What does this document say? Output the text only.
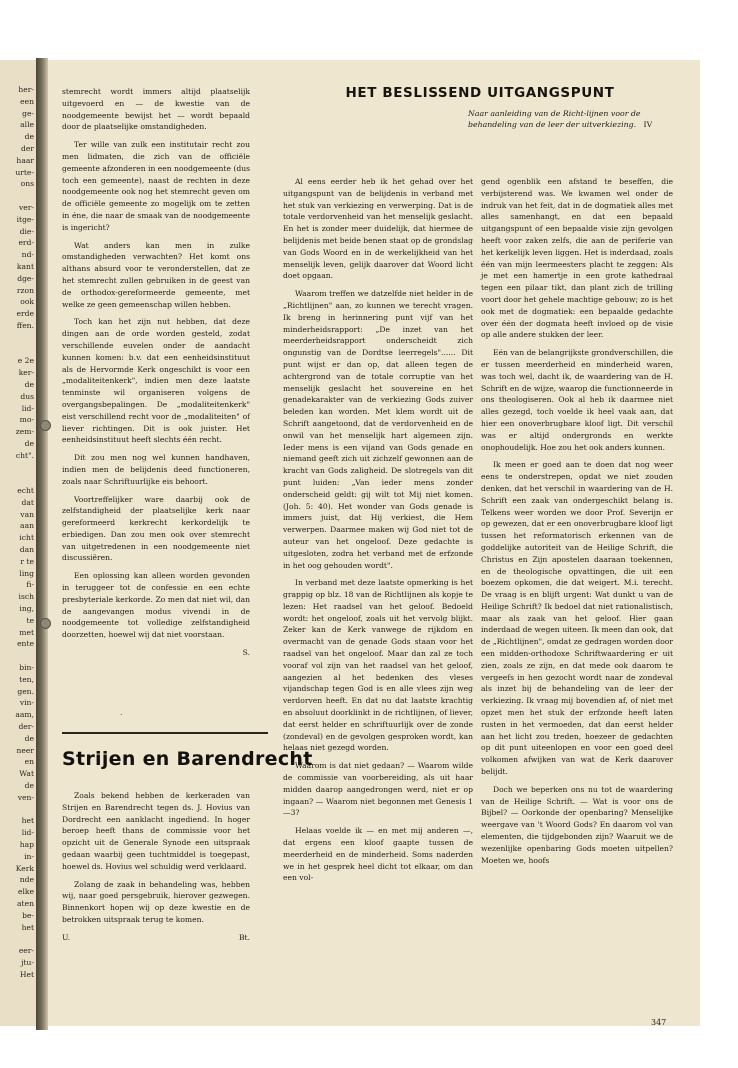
her-
een
ge-
alle
de
der
haar
urte-
ons

ver-
itge-
die-
erd-
nd-
kant
dge-
rzon
ook
erde
ffen.

e 2e
ker-
de
dus
lid-
mo-
zem-
de
cht".

echt
dat
van
aan
icht
dan
r te
ling
fi-
isch
ing,
te
met
ente

bin-
ten,
gen.
vin-
aam,
der-
de
neer
en
Wat
de
ven-

het
lid-
hap
in-
Kerk
nde
elke
aten
be-
het

eer-
jtu-
Het

stemrecht wordt immers altijd plaatselijk uitgevoerd en — de kwestie van de noodgemeente bewijst het — wordt bepaald door de plaatselijke omstandigheden.

Ter wille van zulk een institutair recht zou men lidmaten, die zich van de officiële gemeente afzonderen in een noodgemeente (dus toch een gemeente), naast de rechten in deze noodgemeente ook nog het stemrecht geven om de officiële gemeente zo mogelijk om te zetten in éne, die naar de smaak van de noodgemeente is ingericht?

Wat anders kan men in zulke omstandigheden verwachten? Het komt ons althans absurd voor te veronderstellen, dat ze het stemrecht zullen gebruiken in de geest van de orthodox-gereformeerde gemeente, met welke ze geen gemeenschap willen hebben.

Toch kan het zijn nut hebben, dat deze dingen aan de orde worden gesteld, zodat verschillende euvelen onder de aandacht kunnen komen: b.v. dat een eenheidsinstituut als de Hervormde Kerk ongeschikt is voor een „modaliteitenkerk", indien men deze laatste tenminste wil organiseren volgens de overgangsbepalingen. De „modaliteitenkerk" eist verschillend recht voor de „modaliteiten" of liever richtingen. Dit is ook juister. Het eenheidsinstituut heeft slechts één recht.

Dit zou men nog wel kunnen handhaven, indien men de belijdenis deed functioneren, zoals naar Schriftuurlijke eis behoort.

Voortreffelijker ware daarbij ook de zelfstandigheid der plaatselijke kerk naar gereformeerd kerkrecht kerkordelijk te erbiedigen. Dan zou men ook over stemrecht van uitgetredenen in een noodgemeente niet discussiëren.

Een oplossing kan alleen worden gevonden in teruggeer tot de confessie en een echte presbyteriale kerkorde. Zo men dat niet wil, dan de aangevangen modus vivendi in de noodgemeente tot volledige zelfstandigheid doorzetten, hoewel wij dat niet voorstaan.

S.

.
Strijen en Barendrecht

Zoals bekend hebben de kerkeraden van Strijen en Barendrecht tegen ds. J. Hovius van Dordrecht een aanklacht ingediend. In hoger beroep heeft thans de commissie voor het opzicht uit de Generale Synode een uitspraak gedaan waarbij geen tuchtmiddel is toegepast, hoewel ds. Hovius wel schuldig werd verklaard.

Zolang de zaak in behandeling was, hebben wij, naar goed persgebruik, hierover gezwegen. Binnenkort hopen wij op deze kwestie en de betrokken uitspraak terug te komen.

U.	Bt.
HET BESLISSEND UITGANGSPUNT
Naar aanleiding van de Richt-lijnen voor de behandeling van de leer der uitverkiezing. IV

Al eens eerder heb ik het gehad over het uitgangspunt van de belijdenis in verband met het stuk van verkiezing en verwerping. Dat is de totale verdorvenheid van het menselijk geslacht. En het is zonder meer duidelijk, dat hiermee de belijdenis met beide benen staat op de grondslag van Gods Woord en in de werkelijkheid van het menselijk leven, gelijk daarover dat Woord licht doet opgaan.

Waarom treffen we datzelfde niet helder in de „Richtlijnen" aan, zo kunnen we terecht vragen. Ik breng in herinnering punt vijf van het minderheidsrapport: „De inzet van het meerderheidsrapport onderscheidt zich ongunstig van de Dordtse leerregels"...... Dit punt wijst er dan op, dat alleen tegen de achtergrond van de totale corruptie van het menselijk geslacht het souvereine en het genadekarakter van de verkiezing Gods zuiver beleden kan worden. Met klem wordt uit de Schrift aangetoond, dat de verdorvenheid en de onwil van het menselijk hart algemeen zijn. Ieder mens is een vijand van Gods genade en niemand geeft zich uit zichzelf gewonnen aan de kracht van Gods zaligheid. De slotregels van dit punt luiden: „Van ieder mens zonder onderscheid geldt: gij wilt tot Mij niet komen. (Joh. 5: 40). Het wonder van Gods genade is immers juist, dat Hij verkiest, die Hem verwerpen. Daarmee maken wij God niet tot de auteur van het ongeloof. Deze gedachte is uitgesloten, zodra het verband met de erfzonde in het oog gehouden wordt".

In verband met deze laatste opmerking is het grappig op blz. 18 van de Richtlijnen als kopje te lezen: Het raadsel van het geloof. Bedoeld wordt: het ongeloof, zoals uit het vervolg blijkt. Zeker kan de Kerk vanwege de rijkdom en overmacht van de genade Gods staan voor het raadsel van het ongeloof. Maar dan zal ze toch vooraf vol zijn van het raadsel van het geloof, aangezien al het bedenken des vleses vijandschap tegen God is en alle vlees zijn weg verdorven heeft. En dat nu dat laatste krachtig en absoluut doorklinkt in de richtlijnen, of liever, dat eerst helder en schriftuurlijk over de zonde (zondeval) en de gevolgen gesproken wordt, kan helaas niet gezegd worden.

Waarom is dat niet gedaan? — Waarom wilde de commissie van voorbereiding, als uit haar midden daarop aangedrongen werd, niet er op ingaan? — Waarom niet begonnen met Genesis 1—3?

Helaas voelde ik — en met mij anderen —, dat ergens een kloof gaapte tussen de meerderheid en de minderheid. Soms naderden we in het gesprek heel dicht tot elkaar, om dan een vol-

gend ogenblik een afstand te beseffen, die verbijsterend was. We kwamen wel onder de indruk van het feit, dat in de dogmatiek alles met alles samenhangt, en dat een bepaald uitgangspunt of een bepaalde visie zijn gevolgen heeft voor zaken zelfs, die aan de periferie van het kerkelijk leven liggen. Het is inderdaad, zoals één van mijn leermeesters placht te zeggen: Als je met een hamertje in een grote kathedraal tegen een pilaar tikt, dan plant zich de trilling voort door het gehele machtige gebouw; zo is het ook met de dogmatiek: een bepaalde gedachte over één der dogmata heeft invloed op de visie op alle andere stukken der leer.

Eén van de belangrijkste grondverschillen, die er tussen meerderheid en minderheid waren, was toch wel, dacht ik, de waardering van de H. Schrift en de wijze, waarop die functionneerde in ons theologiseren. Ook al heb ik daarmee niet alles gezegd, toch voelde ik heel vaak aan, dat hier een onoverbrugbare kloof ligt. Dit verschil was er altijd ondergronds en werkte onophoudelijk. Hoe zou het ook anders kunnen.

Ik meen er goed aan te doen dat nog weer eens te onderstrepen, opdat we niet zouden denken, dat het verschil in waardering van de H. Schrift een zaak van ondergeschikt belang is. Telkens weer worden we door Prof. Severijn er op gewezen, dat er een onoverbrugbare kloof ligt tussen het reformatorisch erkennen van de goddelijke autoriteit van de Heilige Schrift, die Christus en Zijn apostelen daaraan toekennen, en de theologische opvattingen, die uit een boezem opkomen, die dat weigert. M.i. terecht. De vraag is en blijft urgent: Wat dunkt u van de Heilige Schrift? Ik bedoel dat niet rationalistisch, maar als zaak van het geloof. Hier gaan inderdaad de wegen uiteen. Ik meen dan ook, dat de „Richtlijnen", omdat ze gedragen worden door een midden-orthodoxe Schriftwaardering er uit zien, zoals ze zijn, en dat mede ook daarom te vergeefs in hen gezocht wordt naar de zondeval als inzet bij de behandeling van de leer der verkiezing. Ik vraag mij bovendien af, of niet met opzet men het stuk der erfzonde heeft laten rusten in het vermoeden, dat dan eerst helder aan het licht zou treden, hoezeer de gedachten op dit punt uiteenlopen en voor een goed deel volkomen afwijken van wat de Kerk daarover belijdt.

Doch we beperken ons nu tot de waardering van de Heilige Schrift. — Wat is voor ons de Bijbel? — Oorkonde der openbaring? Menselijke weergave van 't Woord Gods? En daarom vol van elementen, die tijdgebonden zijn? Waaruit we de wezenlijke openbaring Gods moeten uitpellen? Moeten we, hoofs

347
